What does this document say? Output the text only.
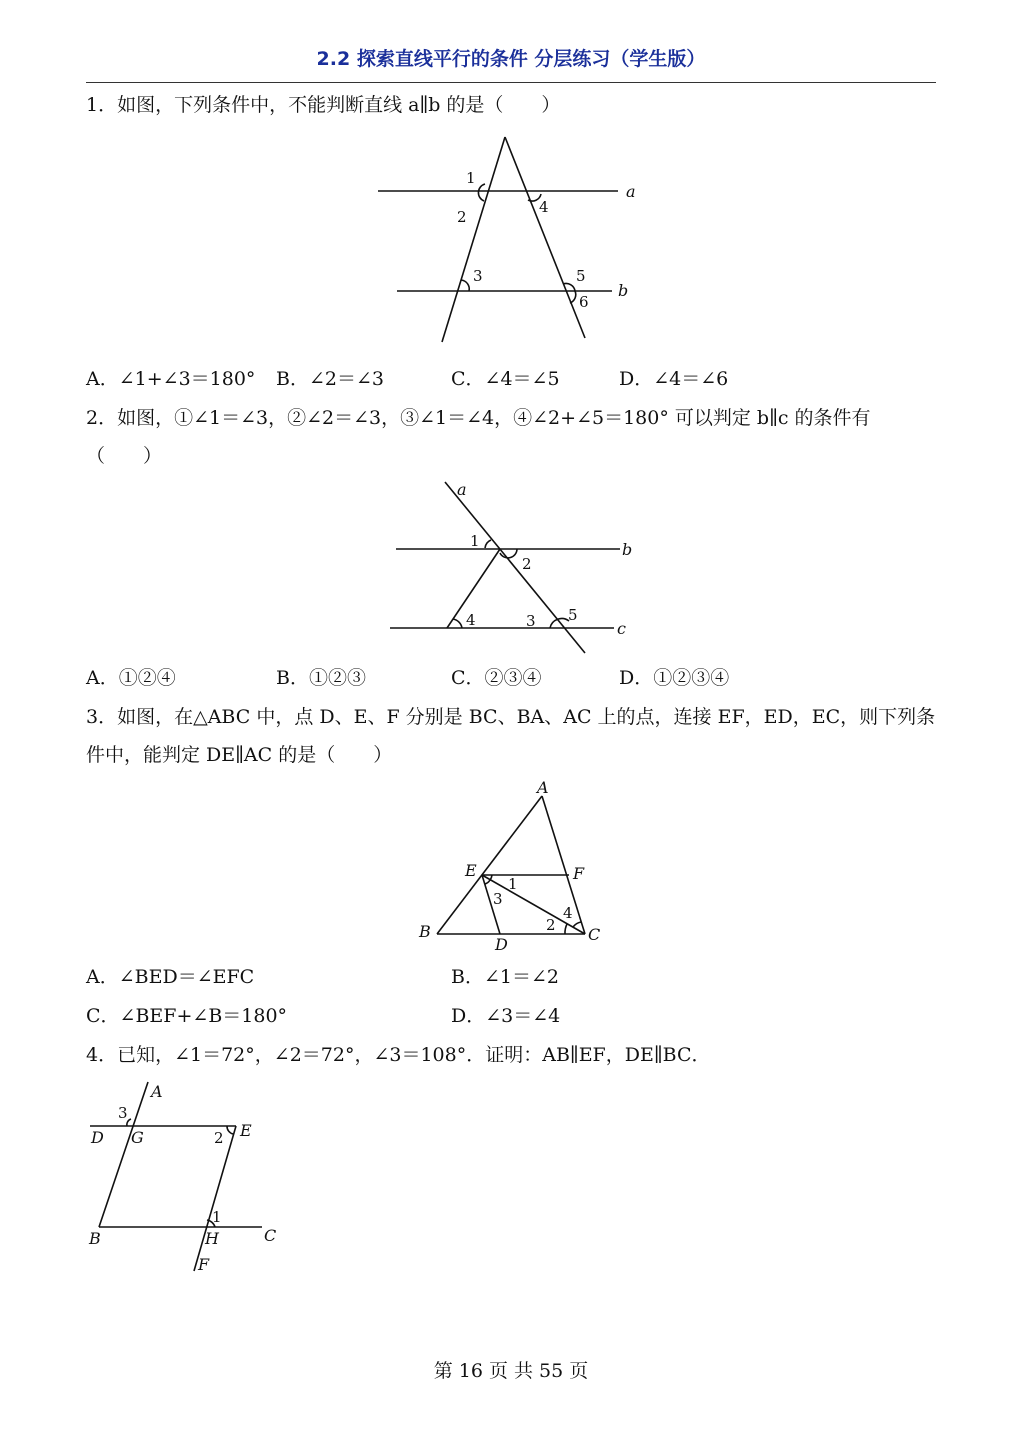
2.2 探索直线平行的条件 分层练习（学生版）
1．如图，下列条件中，不能判断直线 a∥b 的是（　　）
1
2
4
3	5
6
a
b
A．∠1+∠3＝180° B．∠2＝∠3	C．∠4＝∠5	D．∠4＝∠6
2．如图，①∠1＝∠3，②∠2＝∠3，③∠1＝∠4，④∠2+∠5＝180° 可以判定 b∥c 的条件有
（　　）
1
2
4	3 5
a
b
c
A．①②④	B．①②③	C．②③④	D．①②③④
3．如图，在△ABC 中，点 D、E、F 分别是 BC、BA、AC 上的点，连接 EF，ED，EC，则下列条
件中，能判定 DE∥AC 的是（　　）
A
E	F
B
D
C
1
3
4
2
A．∠BED＝∠EFC	B．∠1＝∠2
C．∠BEF+∠B＝180°	D．∠3＝∠4
4．已知，∠1＝72°，∠2＝72°，∠3＝108°．证明：AB∥EF，DE∥BC．
A
3
D G	2 E
1
B	H	C
F
第 16 页 共 55 页
